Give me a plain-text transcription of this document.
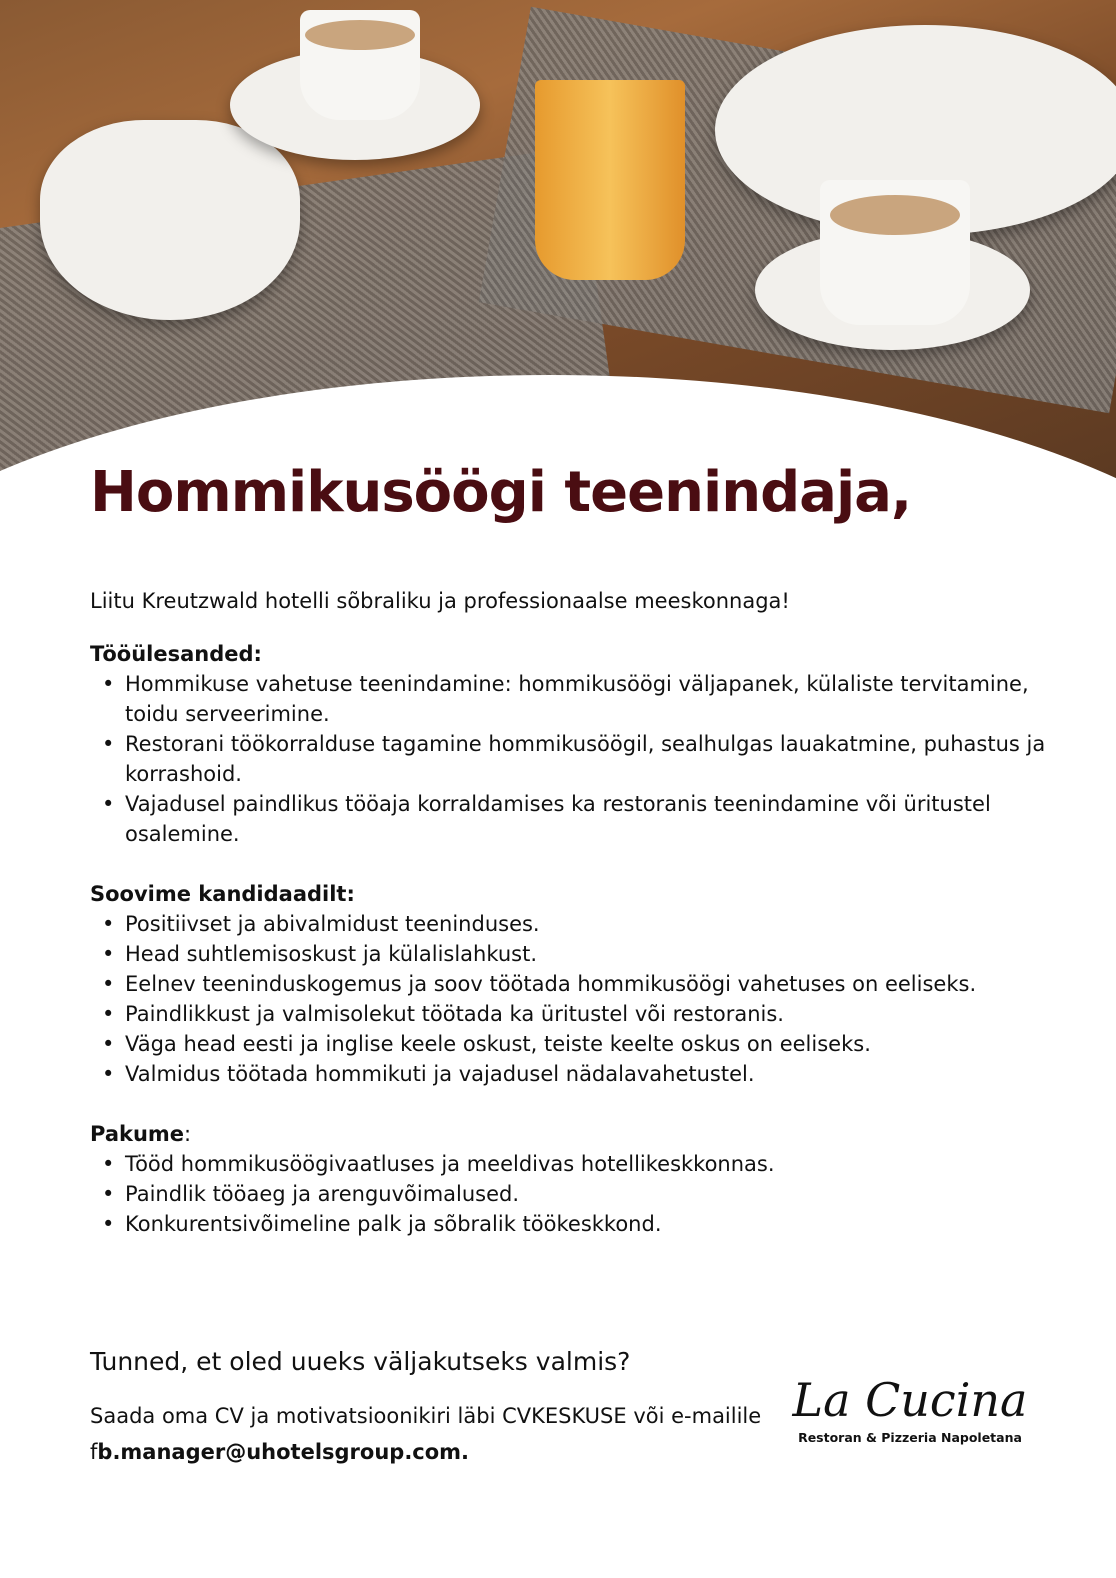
Hommikusöögi teenindaja,

Liitu Kreutzwald hotelli sõbraliku ja professionaalse meeskonnaga!

Tööülesanded:
• Hommikuse vahetuse teenindamine: hommikusöögi väljapanek, külaliste tervitamine, toidu serveerimine.
• Restorani töökorralduse tagamine hommikusöögil, sealhulgas lauakatmine, puhastus ja korrashoid.
• Vajadusel paindlikus tööaja korraldamises ka restoranis teenindamine või üritustel osalemine.
Soovime kandidaadilt:
• Positiivset ja abivalmidust teeninduses.
• Head suhtlemisoskust ja külalislahkust.
• Eelnev teeninduskogemus ja soov töötada hommikusöögi vahetuses on eeliseks.
• Paindlikkust ja valmisolekut töötada ka üritustel või restoranis.
• Väga head eesti ja inglise keele oskust, teiste keelte oskus on eeliseks.
• Valmidus töötada hommikuti ja vajadusel nädalavahetustel.
Pakume:
• Tööd hommikusöögivaatluses ja meeldivas hotellikeskkonnas.
• Paindlik tööaeg ja arenguvõimalused.
• Konkurentsivõimeline palk ja sõbralik töökeskkond.
Tunned, et oled uueks väljakutseks valmis?

Saada oma CV ja motivatsioonikiri läbi CVKESKUSE või e-mailile fb.manager@uhotelsgroup.com.

La Cucina
Restoran & Pizzeria Napoletana
